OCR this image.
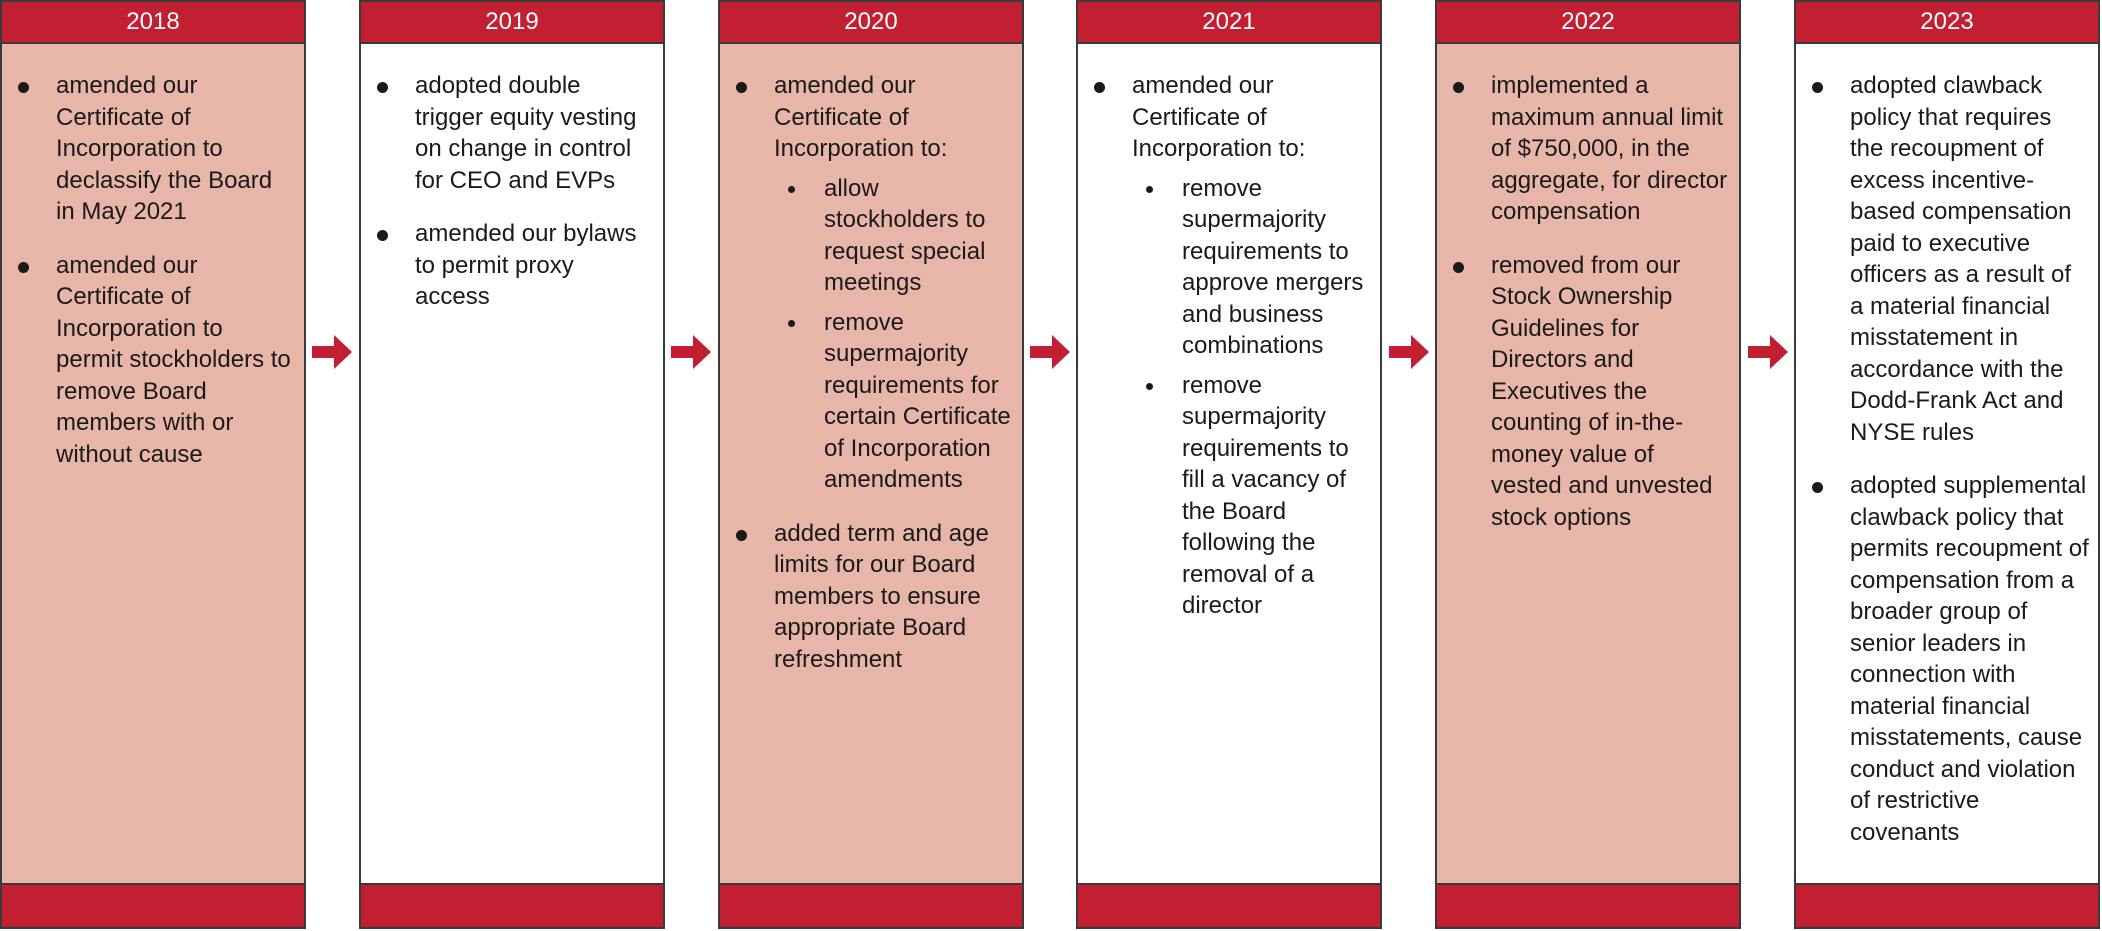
2018
amended our Certificate of Incorporation to declassify the Board in May 2021
amended our Certificate of Incorporation to permit stockholders to remove Board members with or without cause
2019
adopted double trigger equity vesting on change in control for CEO and EVPs
amended our bylaws to permit proxy access
2020
amended our Certificate of Incorporation to:
allow stockholders to request special meetings
remove supermajority requirements for certain Certificate of Incorporation amendments
added term and age limits for our Board members to ensure appropriate Board refreshment
2021
amended our Certificate of Incorporation to:
remove supermajority requirements to approve mergers and business combinations
remove supermajority requirements to fill a vacancy of the Board following the removal of a director
2022
implemented a maximum annual limit of $750,000, in the aggregate, for director compensation
removed from our Stock Ownership Guidelines for Directors and Executives the counting of in-the-money value of vested and unvested stock options
2023
adopted clawback policy that requires the recoupment of excess incentive-based compensation paid to executive officers as a result of a material financial misstatement in accordance with the Dodd-Frank Act and NYSE rules
adopted supplemental clawback policy that permits recoupment of compensation from a broader group of senior leaders in connection with material financial misstatements, cause conduct and violation of restrictive covenants
